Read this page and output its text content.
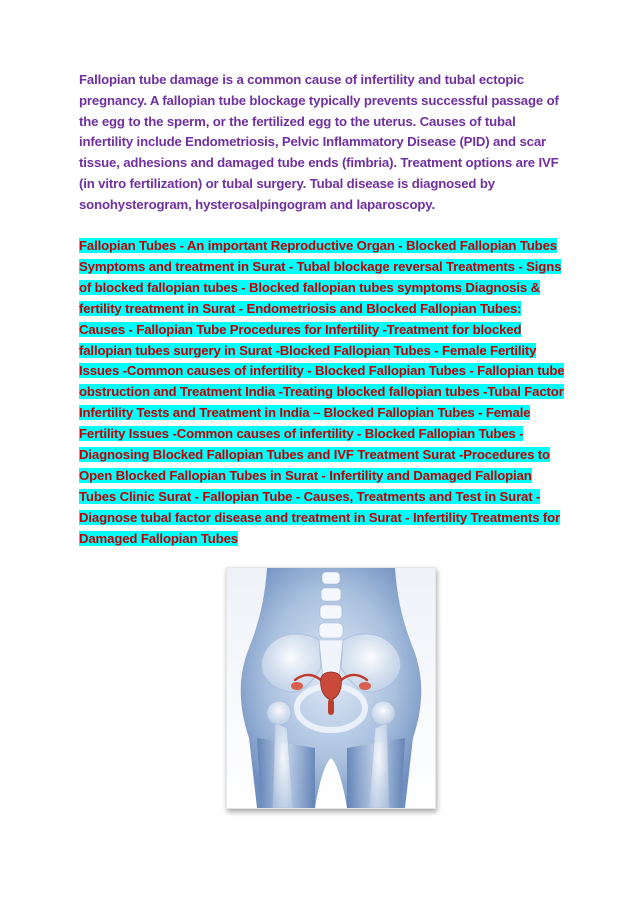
Fallopian tube damage is a common cause of infertility and tubal ectopic pregnancy. A fallopian tube blockage typically prevents successful passage of the egg to the sperm, or the fertilized egg to the uterus. Causes of tubal infertility include Endometriosis, Pelvic Inflammatory Disease (PID) and scar tissue, adhesions and damaged tube ends (fimbria). Treatment options are IVF (in vitro fertilization) or tubal surgery. Tubal disease is diagnosed by sonohysterogram, hysterosalpingogram and laparoscopy.

Fallopian Tubes - An important Reproductive Organ - Blocked Fallopian Tubes Symptoms and treatment in Surat - Tubal blockage reversal Treatments - Signs of blocked fallopian tubes - Blocked fallopian tubes symptoms Diagnosis & fertility treatment in Surat - Endometriosis and Blocked Fallopian Tubes: Causes - Fallopian Tube Procedures for Infertility -Treatment for blocked fallopian tubes surgery in Surat -Blocked Fallopian Tubes - Female Fertility Issues -Common causes of infertility - Blocked Fallopian Tubes - Fallopian tube obstruction and Treatment India -Treating blocked fallopian tubes -Tubal Factor Infertility Tests and Treatment in India – Blocked Fallopian Tubes - Female Fertility Issues -Common causes of infertility - Blocked Fallopian Tubes -Diagnosing Blocked Fallopian Tubes and IVF Treatment Surat -Procedures to Open Blocked Fallopian Tubes in Surat - Infertility and Damaged Fallopian Tubes Clinic Surat - Fallopian Tube - Causes, Treatments and Test in Surat - Diagnose tubal factor disease and treatment in Surat - Infertility Treatments for Damaged Fallopian Tubes
